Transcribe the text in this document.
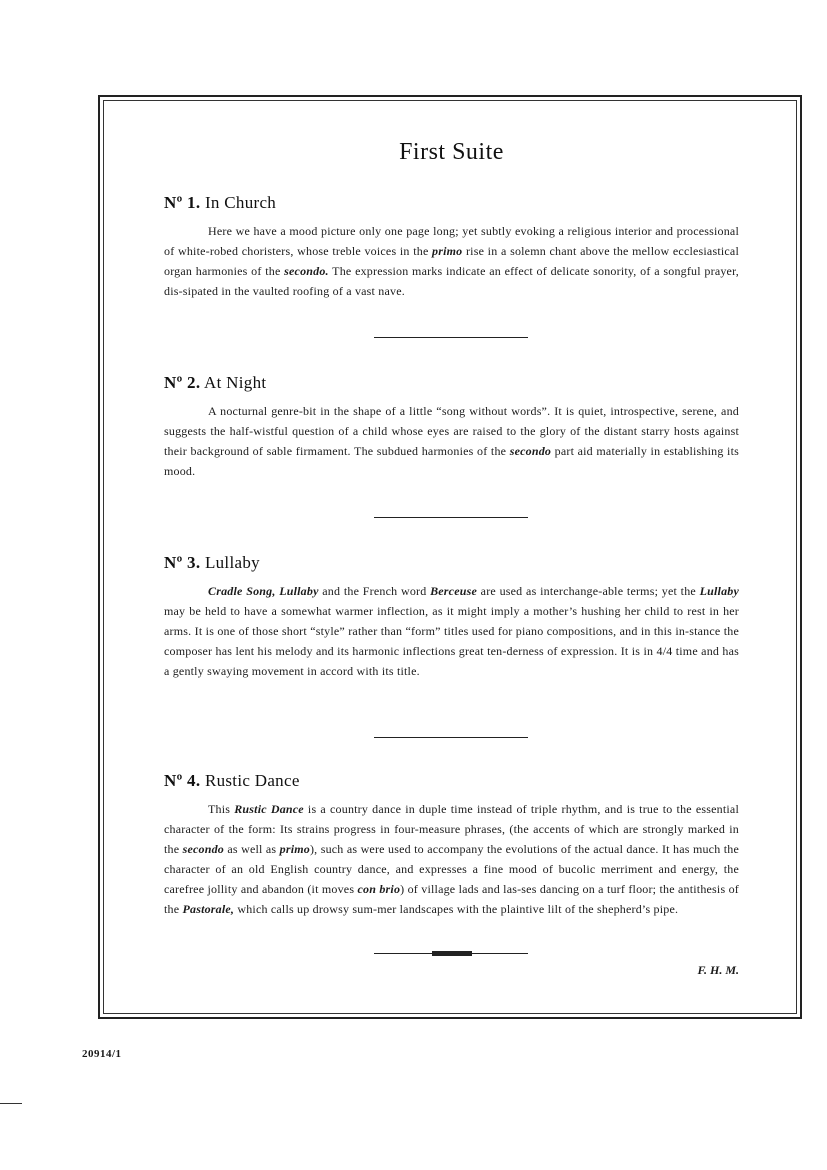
First Suite
Nº 1. In Church

Here we have a mood picture only one page long; yet subtly evoking a religious interior and processional of white-robed choristers, whose treble voices in the primo rise in a solemn chant above the mellow ecclesiastical organ harmonies of the secondo. The expression marks indicate an effect of delicate sonority, of a songful prayer, dis-sipated in the vaulted roofing of a vast nave.

Nº 2. At Night

A nocturnal genre-bit in the shape of a little “song without words”. It is quiet, introspective, serene, and suggests the half-wistful question of a child whose eyes are raised to the glory of the distant starry hosts against their background of sable firmament. The subdued harmonies of the secondo part aid materially in establishing its mood.

Nº 3. Lullaby

Cradle Song, Lullaby and the French word Berceuse are used as interchange-able terms; yet the Lullaby may be held to have a somewhat warmer inflection, as it might imply a mother’s hushing her child to rest in her arms. It is one of those short “style” rather than “form” titles used for piano compositions, and in this in-stance the composer has lent his melody and its harmonic inflections great ten-derness of expression. It is in 4/4 time and has a gently swaying movement in accord with its title.

Nº 4. Rustic Dance

This Rustic Dance is a country dance in duple time instead of triple rhythm, and is true to the essential character of the form: Its strains progress in four-measure phrases, (the accents of which are strongly marked in the secondo as well as primo), such as were used to accompany the evolutions of the actual dance. It has much the character of an old English country dance, and expresses a fine mood of bucolic merriment and energy, the carefree jollity and abandon (it moves con brio) of village lads and las-ses dancing on a turf floor; the antithesis of the Pastorale, which calls up drowsy sum-mer landscapes with the plaintive lilt of the shepherd’s pipe.

F. H. M.
20914/1
